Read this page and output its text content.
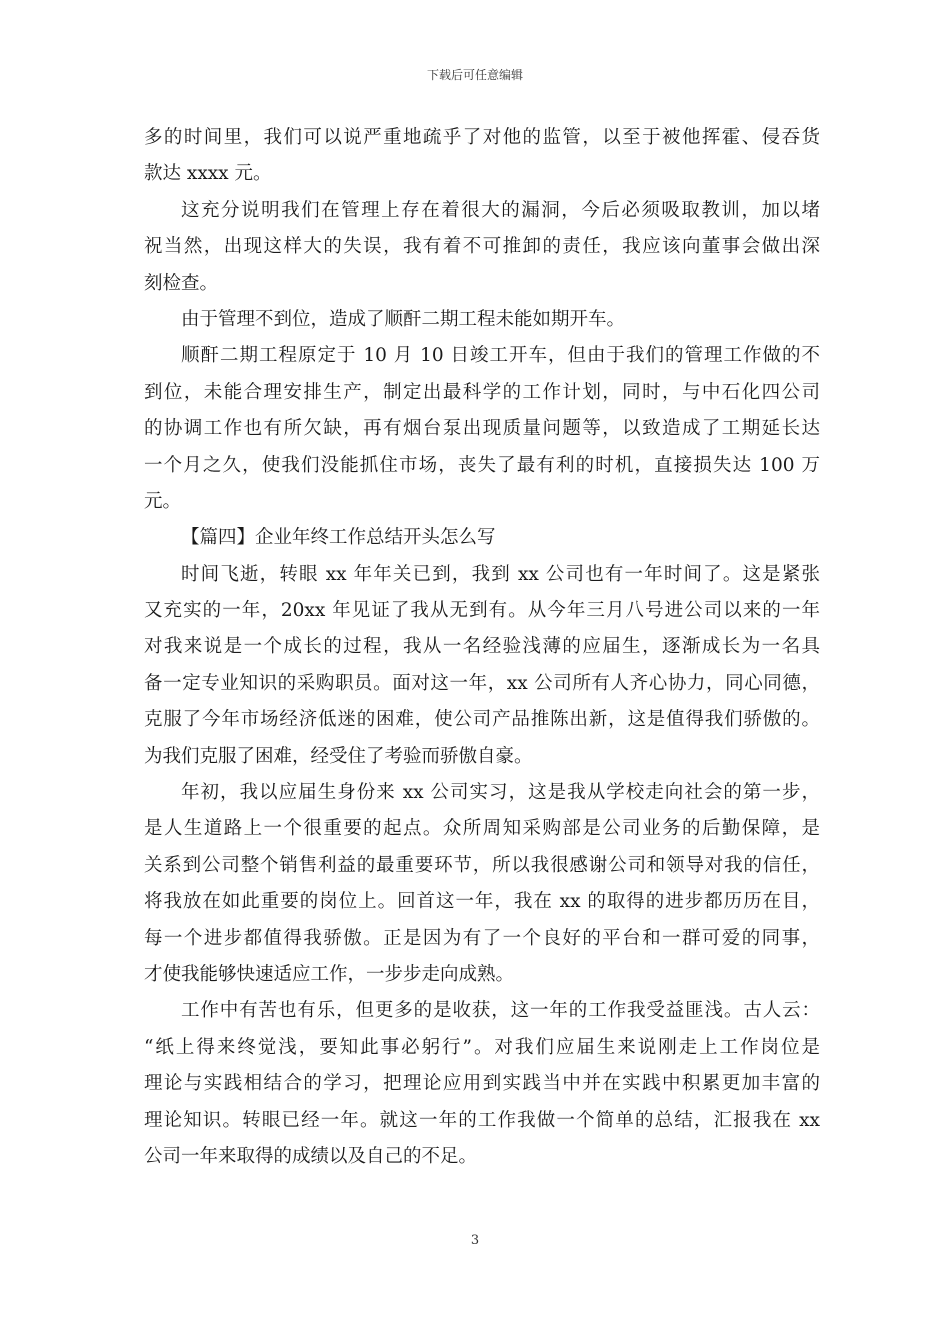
下载后可任意编辑
多的时间里，我们可以说严重地疏乎了对他的监管，以至于被他挥霍、侵吞货
款达 xxxx 元。
这充分说明我们在管理上存在着很大的漏洞，今后必须吸取教训，加以堵
祝当然，出现这样大的失误，我有着不可推卸的责任，我应该向董事会做出深
刻检查。
由于管理不到位，造成了顺酐二期工程未能如期开车。
顺酐二期工程原定于 10 月 10 日竣工开车，但由于我们的管理工作做的不
到位，未能合理安排生产，制定出最科学的工作计划，同时，与中石化四公司
的协调工作也有所欠缺，再有烟台泵出现质量问题等，以致造成了工期延长达
一个月之久，使我们没能抓住市场，丧失了最有利的时机，直接损失达 100 万
元。
【篇四】企业年终工作总结开头怎么写
时间飞逝，转眼 xx 年年关已到，我到 xx 公司也有一年时间了。这是紧张
又充实的一年，20xx 年见证了我从无到有。从今年三月八号进公司以来的一年
对我来说是一个成长的过程，我从一名经验浅薄的应届生，逐渐成长为一名具
备一定专业知识的采购职员。面对这一年，xx 公司所有人齐心协力，同心同德，
克服了今年市场经济低迷的困难，使公司产品推陈出新，这是值得我们骄傲的。
为我们克服了困难，经受住了考验而骄傲自豪。
年初，我以应届生身份来 xx 公司实习，这是我从学校走向社会的第一步，
是人生道路上一个很重要的起点。众所周知采购部是公司业务的后勤保障，是
关系到公司整个销售利益的最重要环节，所以我很感谢公司和领导对我的信任，
将我放在如此重要的岗位上。回首这一年，我在 xx 的取得的进步都历历在目，
每一个进步都值得我骄傲。正是因为有了一个良好的平台和一群可爱的同事，
才使我能够快速适应工作，一步步走向成熟。
工作中有苦也有乐，但更多的是收获，这一年的工作我受益匪浅。古人云：
“纸上得来终觉浅，要知此事必躬行”。对我们应届生来说刚走上工作岗位是
理论与实践相结合的学习，把理论应用到实践当中并在实践中积累更加丰富的
理论知识。转眼已经一年。就这一年的工作我做一个简单的总结，汇报我在 xx
公司一年来取得的成绩以及自己的不足。
3
